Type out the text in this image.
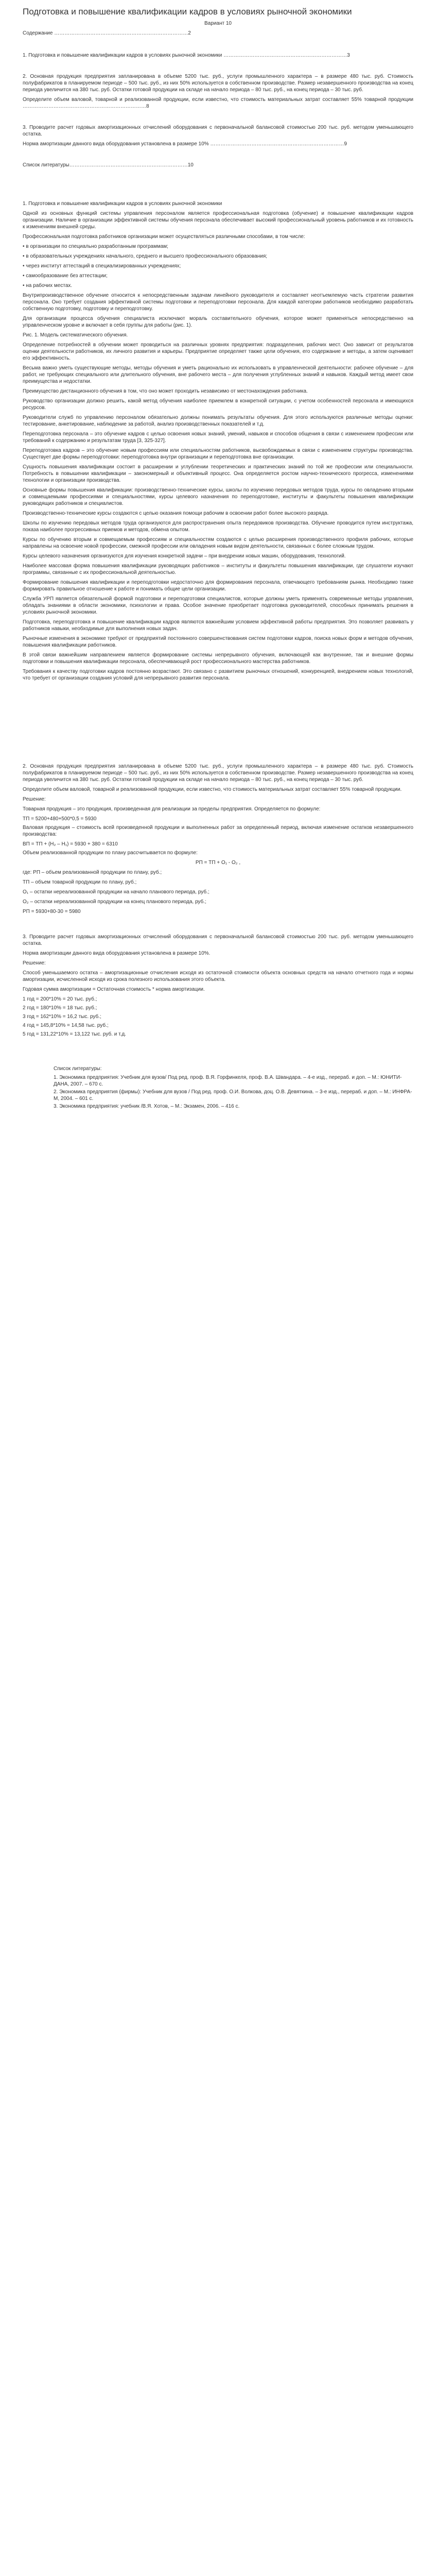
Подготовка и повышение квалификации кадров в условиях рыночной экономики
Вариант 10
Содержание ……………………………………………………………………2

1. Подготовка и повышение квалификации кадров в условиях рыночной экономики ………………………………………………………………3

2. Основная продукция предприятия запланирована в объеме 5200 тыс. руб., услуги промышленного характера – в размере 480 тыс. руб. Стоимость полуфабрикатов в планируемом периоде – 500 тыс. руб., из них 50% используется в собственном производстве. Размер незавершенного производства на конец периода увеличится на 380 тыс. руб. Остатки готовой продукции на складе на начало периода – 80 тыс. руб., на конец периода – 30 тыс. руб.

Определите объем валовой, товарной и реализованной продукции, если известно, что стоимость материальных затрат составляет 55% товарной продукции ………………………………………………………………8

3. Проводите расчет годовых амортизационных отчислений оборудования с первоначальной балансовой стоимостью 200 тыс. руб. методом уменьшающего остатка.

Норма амортизации данного вида оборудования установлена в размере 10% ……………………………………………………………………9

Список литературы……………………………………………………………10

1. Подготовка и повышение квалификации кадров в условиях рыночной экономики

Одной из основных функций системы управления персоналом является профессиональная подготовка (обучение) и повышение квалификации кадров организации. Наличие в организации эффективной системы обучения персонала обеспечивает высокий профессиональный уровень работников и их готовность к изменениям внешней среды.

Профессиональная подготовка работников организации может осуществляться различными способами, в том числе:

• в организации по специально разработанным программам;

• в образовательных учреждениях начального, среднего и высшего профессионального образования;

• через институт аттестаций в специализированных учреждениях;

• самообразование без аттестации;

• на рабочих местах.

Внутрипроизводственное обучение относится к непосредственным задачам линейного руководителя и составляет неотъемлемую часть стратегии развития персонала. Оно требует создания эффективной системы подготовки и переподготовки персонала. Для каждой категории работников необходимо разработать собственную подготовку, подготовку и переподготовку.

Для организации процесса обучения специалиста исключают мораль составительного обучения, которое может применяться непосредственно на управленческом уровне и включает в себя группы для работы (рис. 1).

Рис. 1. Модель систематического обучения.

Определение потребностей в обучении может проводиться на различных уровнях предприятия: подразделения, рабочих мест. Оно зависит от результатов оценки деятельности работников, их личного развития и карьеры. Предприятие определяет также цели обучения, его содержание и методы, а затем оценивает его эффективность.

Весьма важно уметь существующие методы, методы обучения и уметь рационально их использовать в управленческой деятельности: рабочее обучение – для работ, не требующих специального или длительного обучения, вне рабочего места – для получения углубленных знаний и навыков. Каждый метод имеет свои преимущества и недостатки.

Преимущество дистанционного обучения в том, что оно может проходить независимо от местонахождения работника.

Руководство организации должно решить, какой метод обучения наиболее приемлем в конкретной ситуации, с учетом особенностей персонала и имеющихся ресурсов.

Руководители служб по управлению персоналом обязательно должны понимать результаты обучения. Для этого используются различные методы оценки: тестирование, анкетирование, наблюдение за работой, анализ производственных показателей и т.д.

Переподготовка персонала – это обучение кадров с целью освоения новых знаний, умений, навыков и способов общения в связи с изменением профессии или требований к содержанию и результатам труда [3, 325-327].

Переподготовка кадров – это обучение новым профессиям или специальностям работников, высвобождаемых в связи с изменением структуры производства. Существует две формы переподготовки: переподготовка внутри организации и переподготовка вне организации.

Сущность повышения квалификации состоит в расширении и углублении теоретических и практических знаний по той же профессии или специальности. Потребность в повышении квалификации – закономерный и объективный процесс. Она определяется ростом научно-технического прогресса, изменениями технологии и организации производства.

Основные формы повышения квалификации: производственно-технические курсы, школы по изучению передовых методов труда, курсы по овладению вторыми и совмещаемыми профессиями и специальностями, курсы целевого назначения по переподготовке, институты и факультеты повышения квалификации руководящих работников и специалистов.

Производственно-технические курсы создаются с целью оказания помощи рабочим в освоении работ более высокого разряда.

Школы по изучению передовых методов труда организуются для распространения опыта передовиков производства. Обучение проводится путем инструктажа, показа наиболее прогрессивных приемов и методов, обмена опытом.

Курсы по обучению вторым и совмещаемым профессиям и специальностям создаются с целью расширения производственного профиля рабочих, которые направлены на освоение новой профессии, смежной профессии или овладения новым видом деятельности, связанных с более сложным трудом.

Курсы целевого назначения организуются для изучения конкретной задачи – при внедрении новых машин, оборудования, технологий.

Наиболее массовая форма повышения квалификации руководящих работников – институты и факультеты повышения квалификации, где слушатели изучают программы, связанные с их профессиональной деятельностью.

Формирование повышения квалификации и переподготовки недостаточно для формирования персонала, отвечающего требованиям рынка. Необходимо также формировать правильное отношение к работе и понимать общие цели организации.

Служба УРП является обязательной формой подготовки и переподготовки специалистов, которые должны уметь применять современные методы управления, обладать знаниями в области экономики, психологии и права. Особое значение приобретает подготовка руководителей, способных принимать решения в условиях рыночной экономики.

Подготовка, переподготовка и повышение квалификации кадров являются важнейшим условием эффективной работы предприятия. Это позволяет развивать у работников навыки, необходимые для выполнения новых задач.

Рыночные изменения в экономике требуют от предприятий постоянного совершенствования систем подготовки кадров, поиска новых форм и методов обучения, повышения квалификации работников.

В этой связи важнейшим направлением является формирование системы непрерывного обучения, включающей как внутренние, так и внешние формы подготовки и повышения квалификации персонала, обеспечивающей рост профессионального мастерства работников.

Требования к качеству подготовки кадров постоянно возрастают. Это связано с развитием рыночных отношений, конкуренцией, внедрением новых технологий, что требует от организации создания условий для непрерывного развития персонала.

2. Основная продукция предприятия запланирована в объеме 5200 тыс. руб., услуги промышленного характера – в размере 480 тыс. руб. Стоимость полуфабрикатов в планируемом периоде – 500 тыс. руб., из них 50% используется в собственном производстве. Размер незавершенного производства на конец периода увеличится на 380 тыс. руб. Остатки готовой продукции на складе на начало периода – 80 тыс. руб., на конец периода – 30 тыс. руб.

Определите объем валовой, товарной и реализованной продукции, если известно, что стоимость материальных затрат составляет 55% товарной продукции.

Решение:

Товарная продукция – это продукция, произведенная для реализации за пределы предприятия. Определяется по формуле:

ТП = 5200+480+500*0,5 = 5930

Валовая продукция – стоимость всей произведенной продукции и выполненных работ за определенный период, включая изменение остатков незавершенного производства:

ВП = ТП + (Н₂ – Н₁) = 5930 + 380 = 6310

Объем реализованной продукции по плану рассчитывается по формуле:

РП = ТП + О₁ - О₂ ,

где: РП – объем реализованной продукции по плану, руб.;

ТП – объем товарной продукции по плану, руб.;

О₁ – остатки нереализованной продукции на начало планового периода, руб.;

О₂ – остатки нереализованной продукции на конец планового периода, руб.;

РП = 5930+80-30 = 5980

3. Проводите расчет годовых амортизационных отчислений оборудования с первоначальной балансовой стоимостью 200 тыс. руб. методом уменьшающего остатка.

Норма амортизации данного вида оборудования установлена в размере 10%.

Решение:

Способ уменьшаемого остатка – амортизационные отчисления исходя из остаточной стоимости объекта основных средств на начало отчетного года и нормы амортизации, исчисленной исходя из срока полезного использования этого объекта.

Годовая сумма амортизации = Остаточная стоимость * норма амортизации.

1 год = 200*10% = 20 тыс. руб.;

2 год = 180*10% = 18 тыс. руб.;

3 год = 162*10% = 16,2 тыс. руб.;

4 год = 145,8*10% = 14,58 тыс. руб.;

5 год = 131,22*10% = 13,122 тыс. руб. и т.д.

Список литературы:

1. Экономика предприятия: Учебник для вузов/ Под ред. проф. В.Я. Горфинкеля, проф. В.А. Швандара. – 4-е изд., перераб. и доп. – М.: ЮНИТИ-ДАНА, 2007. – 670 с.

2. Экономика предприятия (фирмы): Учебник для вузов / Под ред. проф. О.И. Волкова, доц. О.В. Девяткина. – 3-е изд., перераб. и доп. – М.: ИНФРА-М, 2004. – 601 с.

3. Экономика предприятия: учебник /В.Я. Хотов, – М.: Экзамен, 2006. – 416 с.
